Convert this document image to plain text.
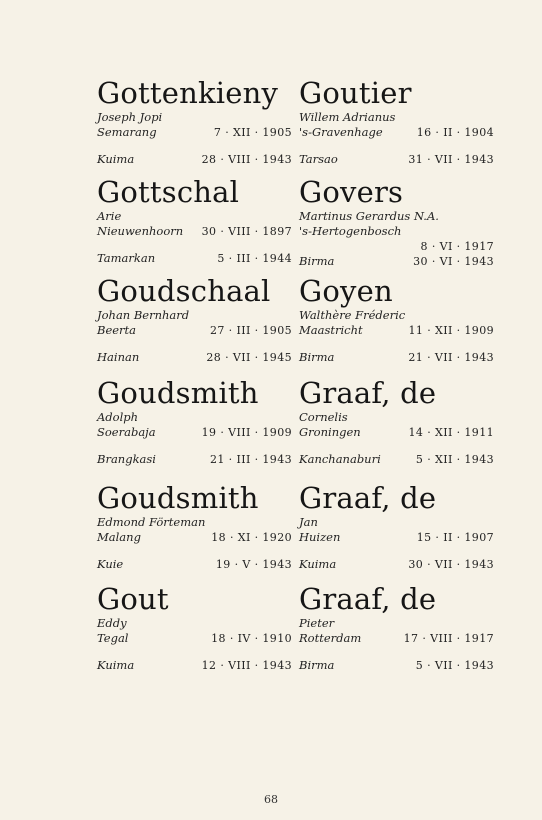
Gottenkieny
Joseph Jopi
Semarang	7 · XII · 1905
Kuima	28 · VIII · 1943
Gottschal
Arie
Nieuwenhoorn 30 · VIII · 1897
Tamarkan	5 · III · 1944
Goudschaal
Johan Bernhard
Beerta	27 · III · 1905
Hainan	28 · VII · 1945
Goudsmith
Adolph
Soerabaja	19 · VIII · 1909
Brangkasi	21 · III · 1943
Goudsmith
Edmond Förteman
Malang	18 · XI · 1920
Kuie	19 · V · 1943
Gout
Eddy
Tegal	18 · IV · 1910
Kuima	12 · VIII · 1943
Goutier
Willem Adrianus
's-Gravenhage	16 · II · 1904
Tarsao	31 · VII · 1943
Govers
Martinus Gerardus N.A.
's-Hertogenbosch
8 · VI · 1917
Birma	30 · VI · 1943
Goyen
Walthère Fréderic
Maastricht	11 · XII · 1909
Birma	21 · VII · 1943
Graaf, de
Cornelis
Groningen	14 · XII · 1911
Kanchanaburi	5 · XII · 1943
Graaf, de
Jan
Huizen	15 · II · 1907
Kuima	30 · VII · 1943
Graaf, de
Pieter
Rotterdam	17 · VIII · 1917
Birma	5 · VII · 1943
68
